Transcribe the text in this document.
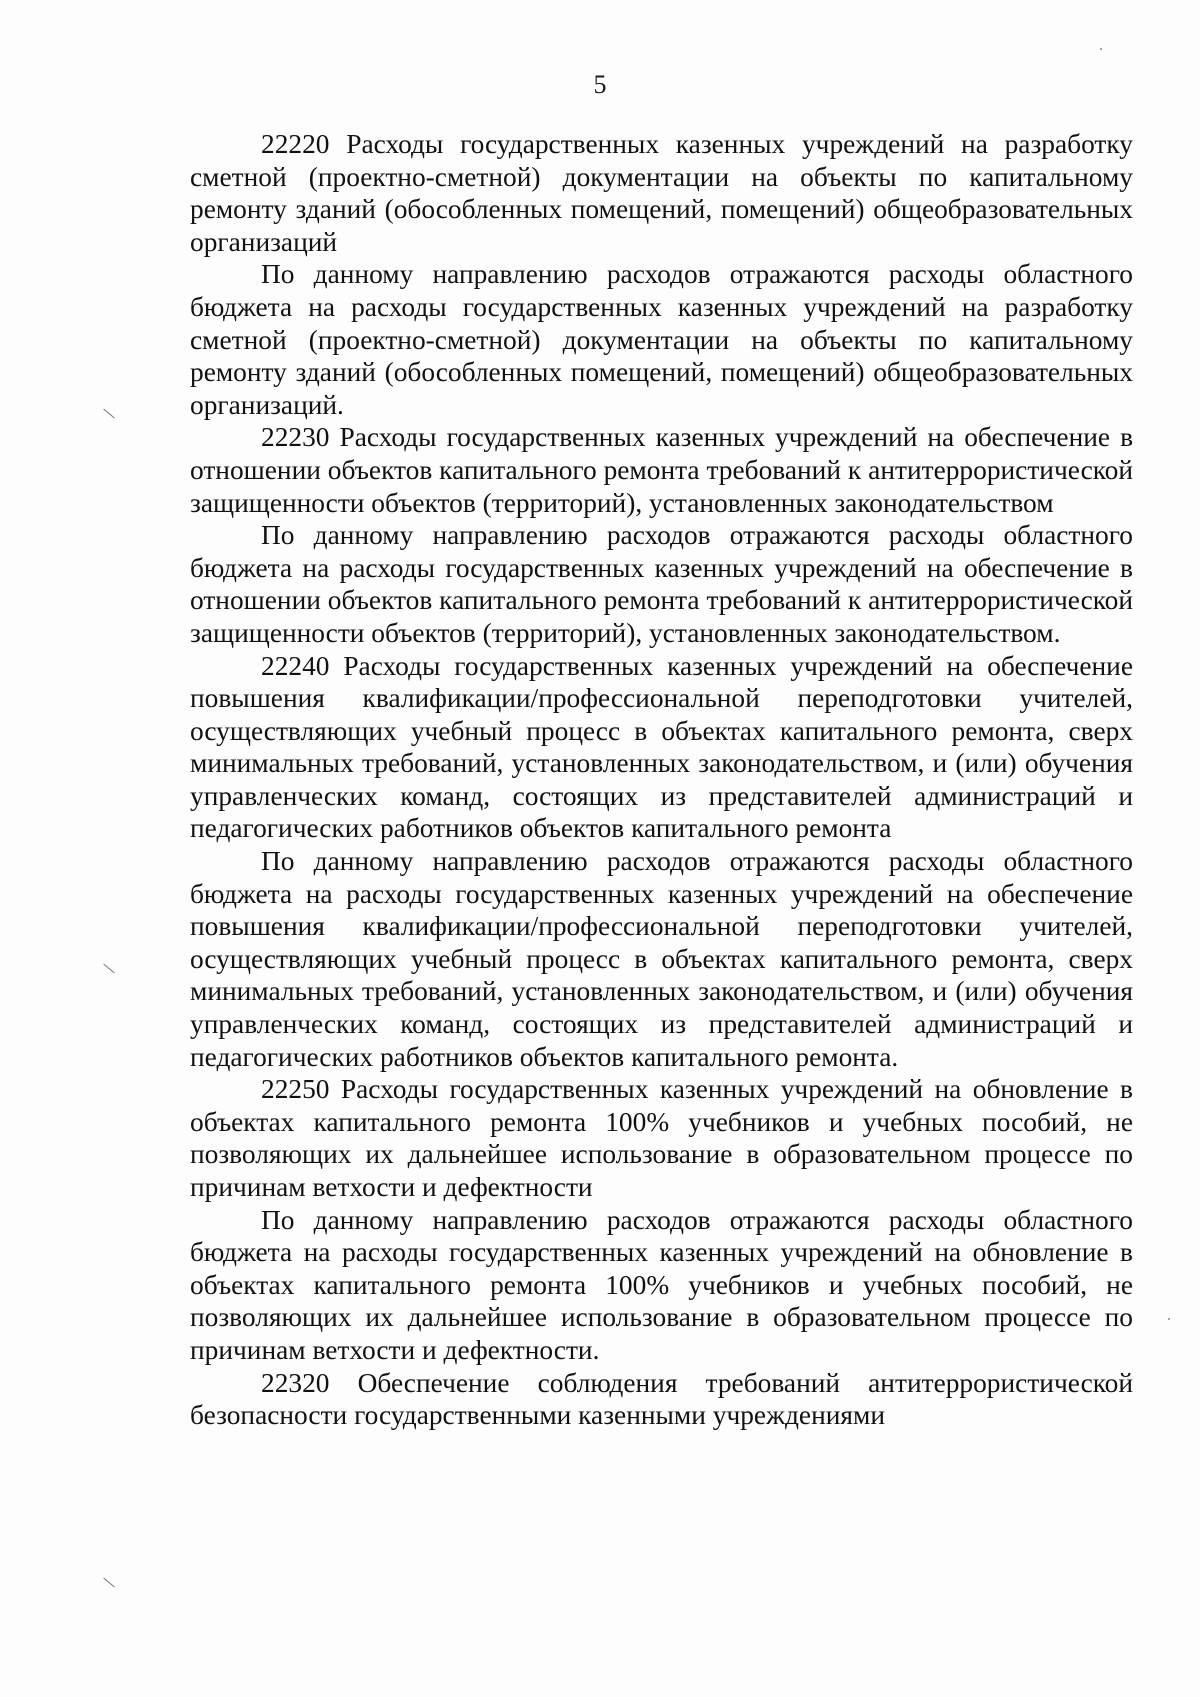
5

22220 Расходы государственных казенных учреждений на разработку сметной (проектно-сметной) документации на объекты по капитальному ремонту зданий (обособленных помещений, помещений) общеобразовательных организаций

По данному направлению расходов отражаются расходы областного бюджета на расходы государственных казенных учреждений на разработку сметной (проектно-сметной) документации на объекты по капитальному ремонту зданий (обособленных помещений, помещений) общеобразовательных организаций.

22230 Расходы государственных казенных учреждений на обеспечение в отношении объектов капитального ремонта требований к антитеррористической защищенности объектов (территорий), установленных законодательством

По данному направлению расходов отражаются расходы областного бюджета на расходы государственных казенных учреждений на обеспечение в отношении объектов капитального ремонта требований к антитеррористической защищенности объектов (территорий), установленных законодательством.

22240 Расходы государственных казенных учреждений на обеспечение повышения квалификации/профессиональной переподготовки учителей, осуществляющих учебный процесс в объектах капитального ремонта, сверх минимальных требований, установленных законодательством, и (или) обучения управленческих команд, состоящих из представителей администраций и педагогических работников объектов капитального ремонта

По данному направлению расходов отражаются расходы областного бюджета на расходы государственных казенных учреждений на обеспечение повышения квалификации/профессиональной переподготовки учителей, осуществляющих учебный процесс в объектах капитального ремонта, сверх минимальных требований, установленных законодательством, и (или) обучения управленческих команд, состоящих из представителей администраций и педагогических работников объектов капитального ремонта.

22250 Расходы государственных казенных учреждений на обновление в объектах капитального ремонта 100% учебников и учебных пособий, не позволяющих их дальнейшее использование в образовательном процессе по причинам ветхости и дефектности

По данному направлению расходов отражаются расходы областного бюджета на расходы государственных казенных учреждений на обновление в объектах капитального ремонта 100% учебников и учебных пособий, не позволяющих их дальнейшее использование в образовательном процессе по причинам ветхости и дефектности.

22320 Обеспечение соблюдения требований антитеррористической безопасности государственными казенными учреждениями
